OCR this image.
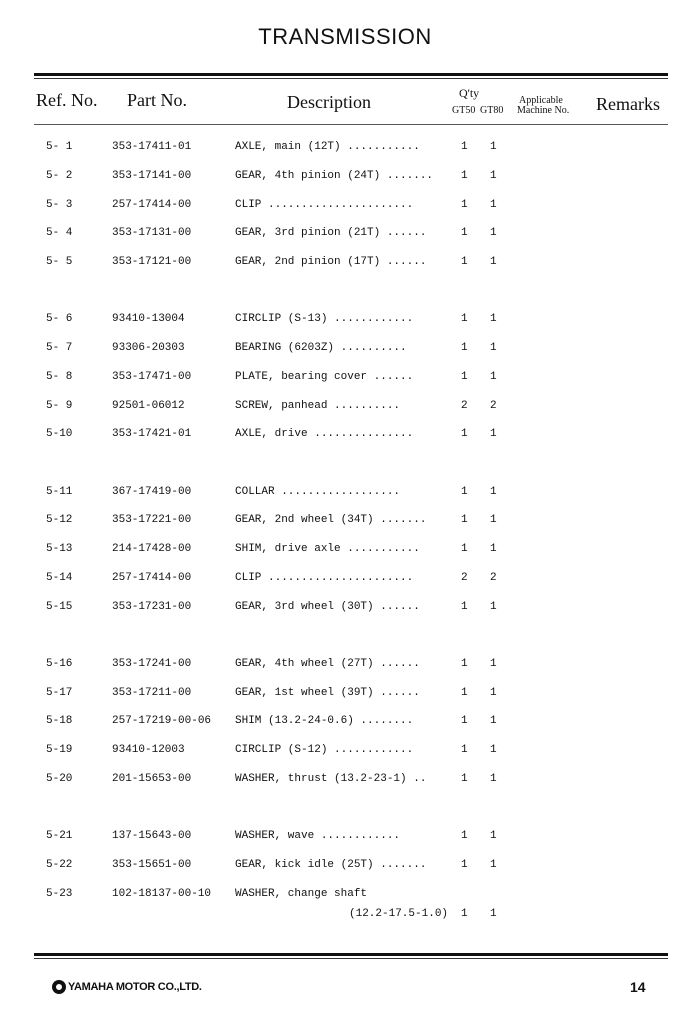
TRANSMISSION
Ref. No. Part No.	Description	Q'ty
GT50 GT80
Applicable
Machine No. Remarks
5- 1	353-17411-01	AXLE, main (12T) ...........	1 1
5- 2	353-17141-00	GEAR, 4th pinion (24T) .......	1 1
5- 3	257-17414-00	CLIP ......................	1 1
5- 4	353-17131-00	GEAR, 3rd pinion (21T) ......	1 1
5- 5	353-17121-00	GEAR, 2nd pinion (17T) ......	1 1
5- 6	93410-13004	CIRCLIP (S-13) ............	1 1
5- 7	93306-20303	BEARING (6203Z) ..........	1 1
5- 8	353-17471-00	PLATE, bearing cover ......	1 1
5- 9	92501-06012	SCREW, panhead ..........	2 2
5-10	353-17421-01	AXLE, drive ...............	1 1
5-11	367-17419-00	COLLAR ..................	1 1
5-12	353-17221-00	GEAR, 2nd wheel (34T) .......	1 1
5-13	214-17428-00	SHIM, drive axle ...........	1 1
5-14	257-17414-00	CLIP ......................	2 2
5-15	353-17231-00	GEAR, 3rd wheel (30T) ......	1 1
5-16	353-17241-00	GEAR, 4th wheel (27T) ......	1 1
5-17	353-17211-00	GEAR, 1st wheel (39T) ......	1 1
5-18	257-17219-00-06 SHIM (13.2-24-0.6) ........	1 1
5-19	93410-12003	CIRCLIP (S-12) ............	1 1
5-20	201-15653-00	WASHER, thrust (13.2-23-1) ..	1 1
5-21	137-15643-00	WASHER, wave ............	1 1
5-22	353-15651-00	GEAR, kick idle (25T) .......	1 1
5-23	102-18137-00-10 WASHER, change shaft
(12.2-17.5-1.0) 1 1
YAMAHA MOTOR CO.,LTD.	14
